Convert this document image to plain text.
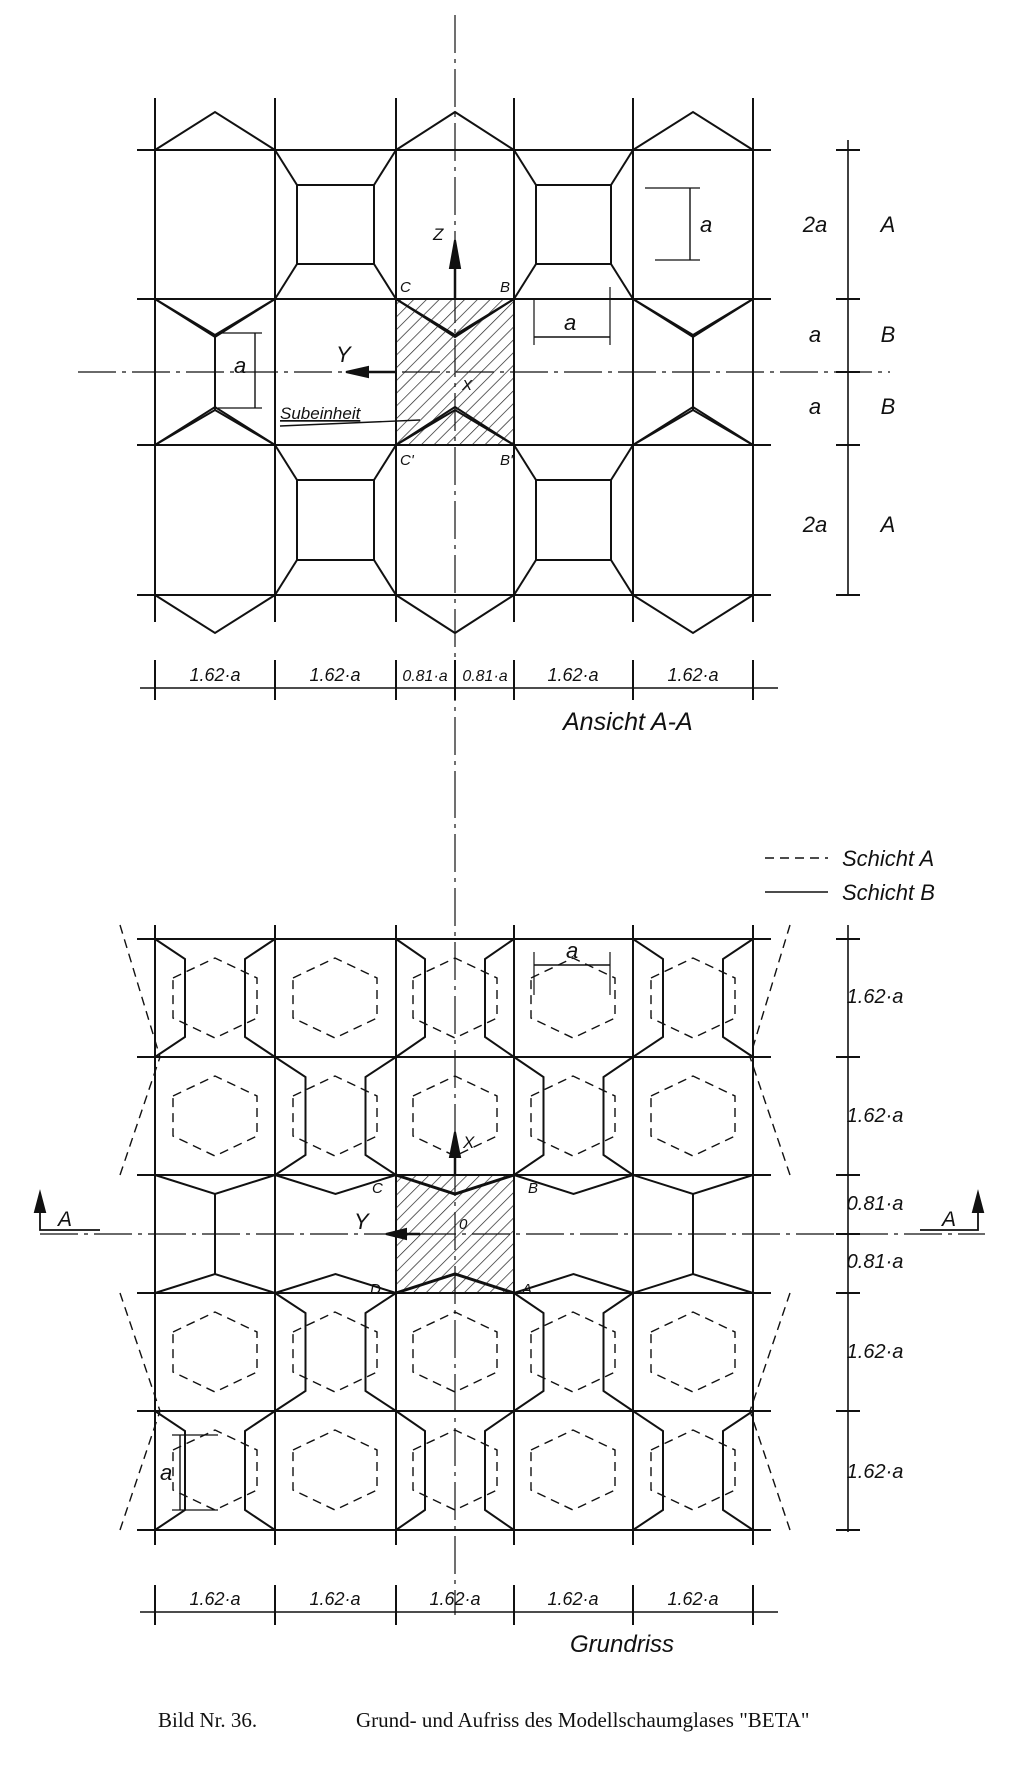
Z
Y
X
C	B
C'	B'
Subeinheit
a
a
a
2a
a
a
2a
A
B
B
A
1.62·a	1.62·a	0.81·a 0.81·a 1.62·a	1.62·a
Ansicht A-A
Schicht A
Schicht B
X
Y
C	B
D	A
0
A	A
a
a
1.62·a
1.62·a
0.81·a
0.81·a
1.62·a
1.62·a
1.62·a	1.62·a	1.62·a	1.62·a	1.62·a
Grundriss
Bild Nr. 36.	Grund- und Aufriss des Modellschaumglases "BETA"
